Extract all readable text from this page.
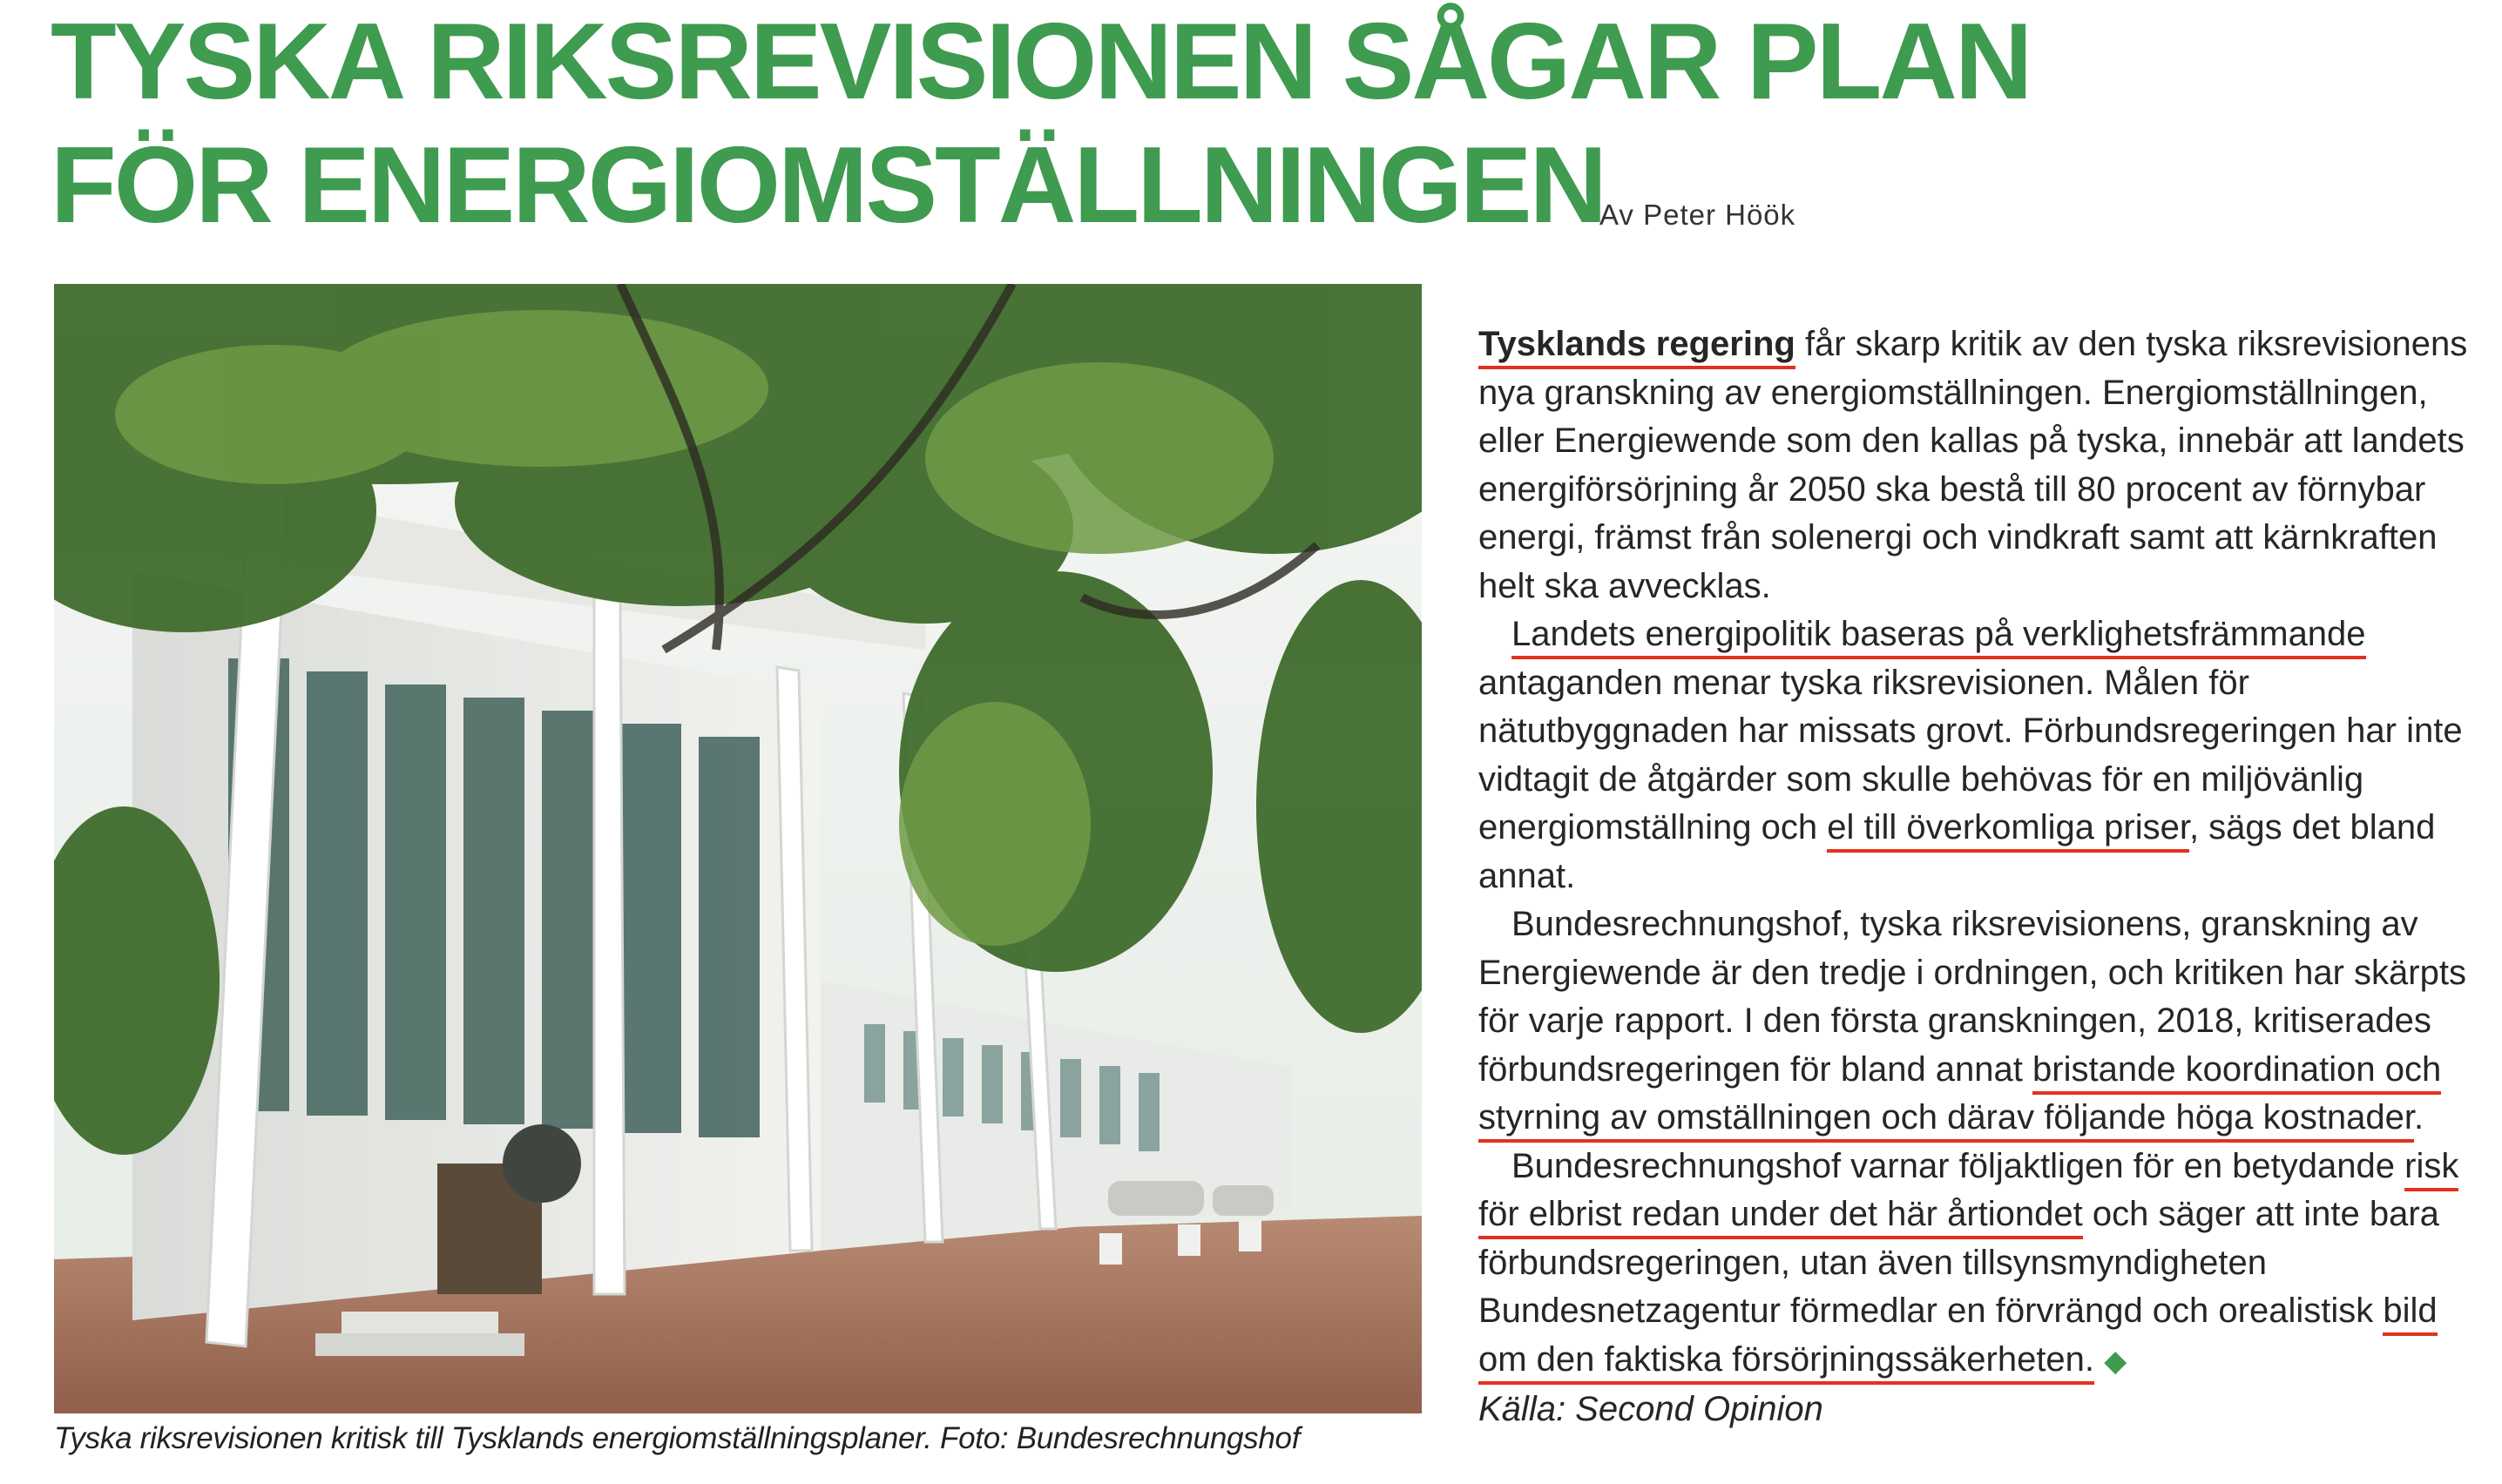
TYSKA RIKSREVISIONEN SÅGAR PLAN
FÖR ENERGIOMSTÄLLNINGEN
Av Peter Höök
Tyska riksrevisionen kritisk till Tysklands energiomställningsplaner. Foto: Bundesrechnungshof

Tysklands regering får skarp kritik av den tyska riksrevisionens nya granskning av energiomställningen. Energiomställningen, eller Energiewende som den kallas på tyska, innebär att landets energiförsörjning år 2050 ska bestå till 80 procent av förnybar energi, främst från solenergi och vindkraft samt att kärnkraften helt ska avvecklas.

Landets energipolitik baseras på verklighetsfrämmande antaganden menar tyska riksrevisionen. Målen för nätutbyggnaden har missats grovt. Förbundsregeringen har inte vidtagit de åtgärder som skulle behövas för en miljövänlig energiomställning och el till överkomliga priser, sägs det bland annat.

Bundesrechnungshof, tyska riksrevisionens, granskning av Energiewende är den tredje i ordningen, och kritiken har skärpts för varje rapport. I den första granskningen, 2018, kritiserades förbundsregeringen för bland annat bristande koordination och styrning av omställningen och därav följande höga kostnader.

Bundesrechnungshof varnar följaktligen för en betydande risk för elbrist redan under det här årtiondet och säger att inte bara förbundsregeringen, utan även tillsynsmyndigheten Bundesnetzagentur förmedlar en förvrängd och orealistisk bild om den faktiska försörjningssäkerheten. ◆

Källa: Second Opinion
